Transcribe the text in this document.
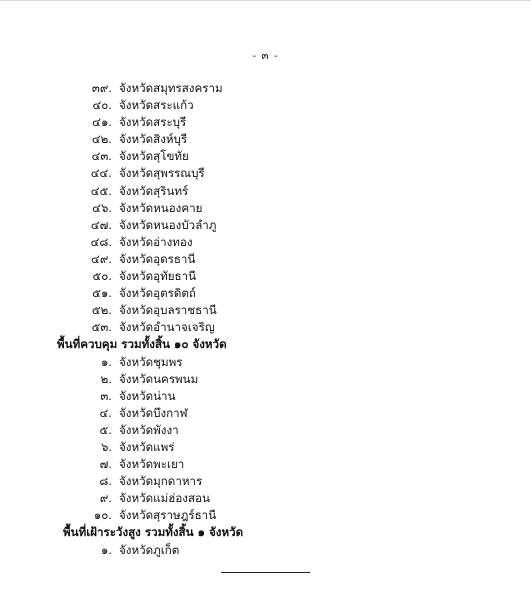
- ๓ -
๓๙. จังหวัดสมุทรสงคราม
๔๐. จังหวัดสระแก้ว
๔๑. จังหวัดสระบุรี
๔๒. จังหวัดสิงห์บุรี
๔๓. จังหวัดสุโขทัย
๔๔. จังหวัดสุพรรณบุรี
๔๕. จังหวัดสุรินทร์
๔๖. จังหวัดหนองคาย
๔๗. จังหวัดหนองบัวลำภู
๔๘. จังหวัดอ่างทอง
๔๙. จังหวัดอุดรธานี
๕๐. จังหวัดอุทัยธานี
๕๑. จังหวัดอุตรดิตถ์
๕๒. จังหวัดอุบลราชธานี
๕๓. จังหวัดอำนาจเจริญ
พื้นที่ควบคุม รวมทั้งสิ้น ๑๐ จังหวัด
๑. จังหวัดชุมพร
๒. จังหวัดนครพนม
๓. จังหวัดน่าน
๔. จังหวัดบึงกาฬ
๕. จังหวัดพังงา
๖. จังหวัดแพร่
๗. จังหวัดพะเยา
๘. จังหวัดมุกดาหาร
๙. จังหวัดแม่ฮ่องสอน
๑๐. จังหวัดสุราษฎร์ธานี
พื้นที่เฝ้าระวังสูง รวมทั้งสิ้น ๑ จังหวัด
๑. จังหวัดภูเก็ต
